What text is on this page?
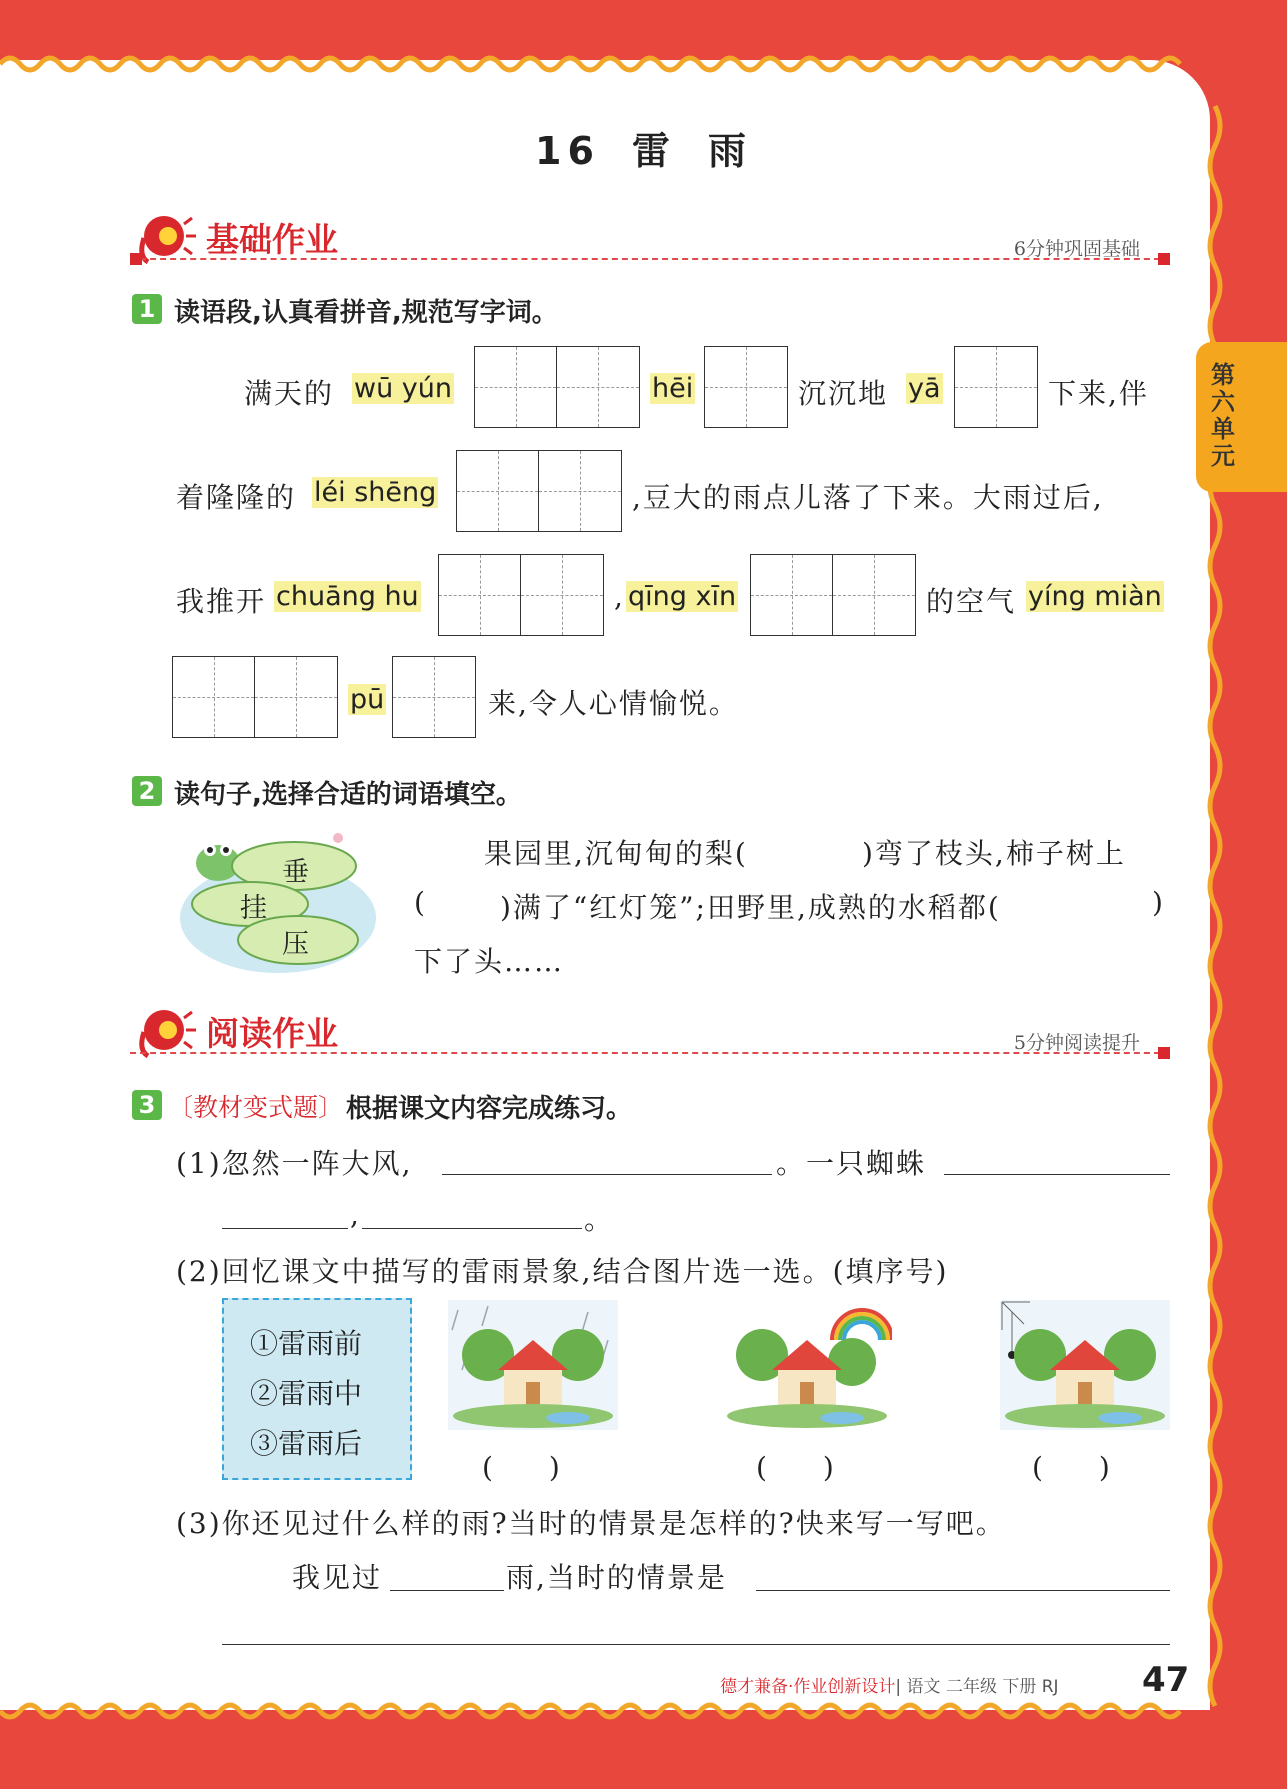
第六单元
16 雷 雨
基础作业	6分钟巩固基础
1 读语段,认真看拼音,规范写字词。
满天的 wū yún	hēi	沉沉地 yā	下来,伴
着隆隆的 léi shēng	,豆大的雨点儿落了下来。大雨过后,
我推开 chuāng hu	, qīng xīn	的空气 yíng miàn
pū	来,令人心情愉悦。
2 读句子,选择合适的词语填空。
垂
挂
压
果园里,沉甸甸的梨(	)弯了枝头,柿子树上
(	)满了“红灯笼”;田野里,成熟的水稻都(	)
下了头……
阅读作业	5分钟阅读提升
3 〔教材变式题〕 根据课文内容完成练习。
(1)忽然一阵大风,	。一只蜘蛛
,	。
(2)回忆课文中描写的雷雨景象,结合图片选一选。(填序号)
①雷雨前
②雷雨中
③雷雨后
(　　)	(　　)	(　　)
(3)你还见过什么样的雨?当时的情景是怎样的?快来写一写吧。
我见过	雨,当时的情景是
德才兼备·作业创新设计| 语文 二年级 下册 RJ 47
